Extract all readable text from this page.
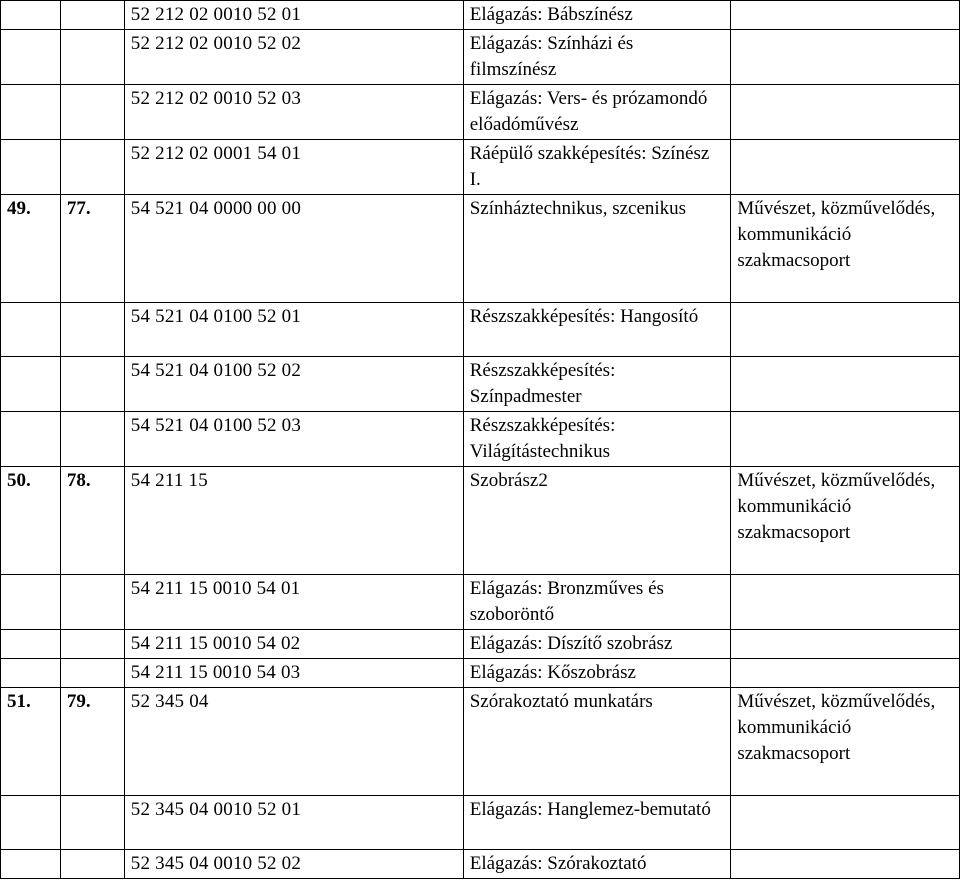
		52 212 02 0010 52 01	Elágazás: Bábszínész	
		52 212 02 0010 52 02	Elágazás: Színházi és filmszínész	
		52 212 02 0010 52 03	Elágazás: Vers- és prózamondó előadóművész	
		52 212 02 0001 54 01	Ráépülő szakképesítés: Színész I.	
49.	77.	54 521 04 0000 00 00	Színháztechnikus, szcenikus	Művészet, közművelődés, kommunikáció szakmacsoport
		54 521 04 0100 52 01	Részszakképesítés: Hangosító	
		54 521 04 0100 52 02	Részszakképesítés: Színpadmester	
		54 521 04 0100 52 03	Részszakképesítés: Világítástechnikus	
50.	78.	54 211 15	Szobrász2	Művészet, közművelődés, kommunikáció szakmacsoport
		54 211 15 0010 54 01	Elágazás: Bronzműves és szoboröntő	
		54 211 15 0010 54 02	Elágazás: Díszítő szobrász	
		54 211 15 0010 54 03	Elágazás: Kőszobrász	
51.	79.	52 345 04	Szórakoztató munkatárs	Művészet, közművelődés, kommunikáció szakmacsoport
		52 345 04 0010 52 01	Elágazás: Hanglemez-bemutató	
		52 345 04 0010 52 02	Elágazás: Szórakoztató	
